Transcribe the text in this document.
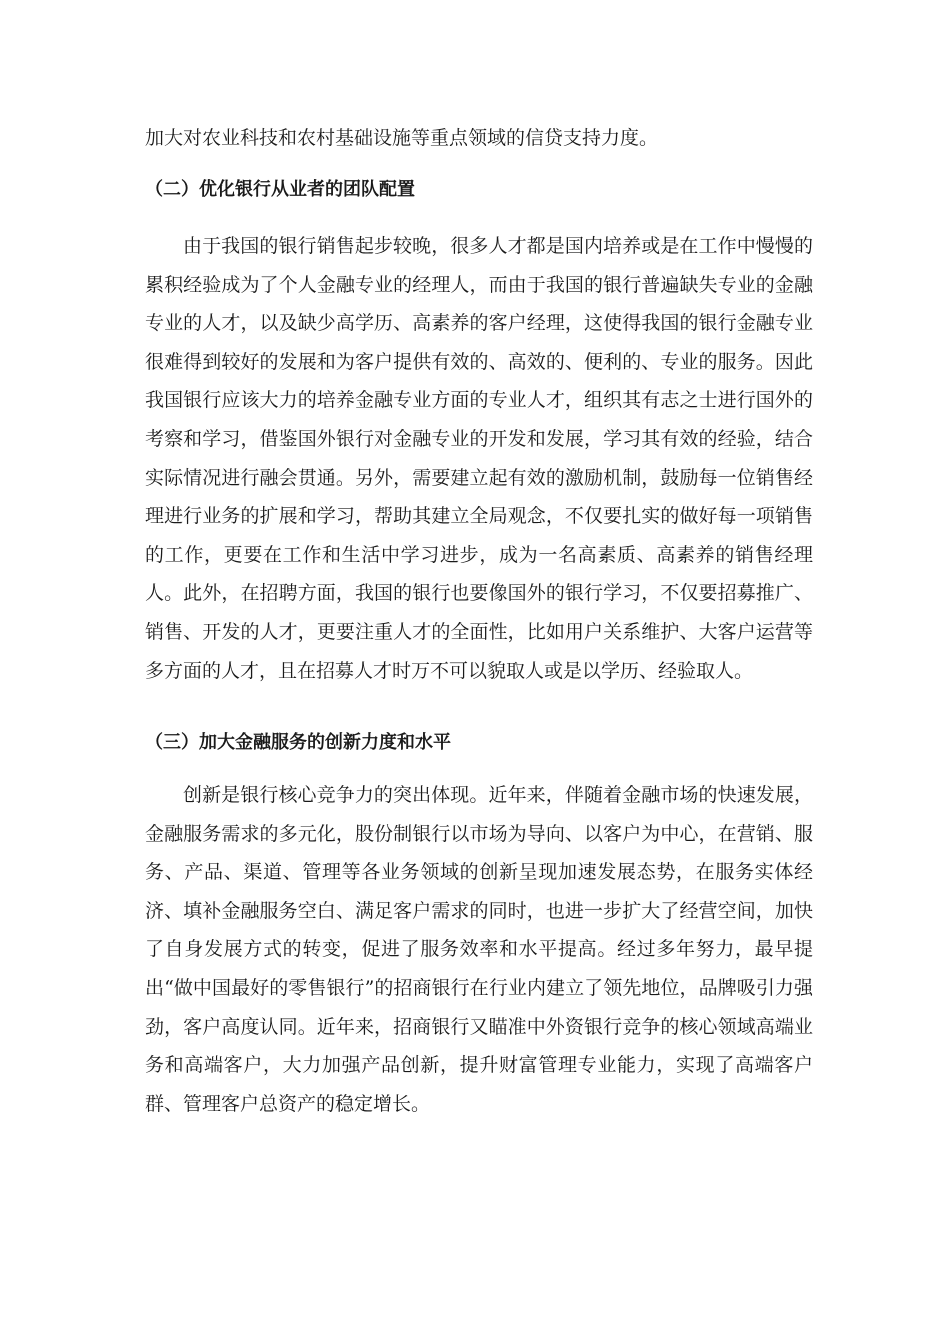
加大对农业科技和农村基础设施等重点领域的信贷支持力度。

（二）优化银行从业者的团队配置

由于我国的银行销售起步较晚，很多人才都是国内培养或是在工作中慢慢的累积经验成为了个人金融专业的经理人，而由于我国的银行普遍缺失专业的金融专业的人才，以及缺少高学历、高素养的客户经理，这使得我国的银行金融专业很难得到较好的发展和为客户提供有效的、高效的、便利的、专业的服务。因此我国银行应该大力的培养金融专业方面的专业人才，组织其有志之士进行国外的考察和学习，借鉴国外银行对金融专业的开发和发展，学习其有效的经验，结合实际情况进行融会贯通。另外，需要建立起有效的激励机制，鼓励每一位销售经理进行业务的扩展和学习，帮助其建立全局观念，不仅要扎实的做好每一项销售的工作，更要在工作和生活中学习进步，成为一名高素质、高素养的销售经理人。此外，在招聘方面，我国的银行也要像国外的银行学习，不仅要招募推广、销售、开发的人才，更要注重人才的全面性，比如用户关系维护、大客户运营等多方面的人才，且在招募人才时万不可以貌取人或是以学历、经验取人。

（三）加大金融服务的创新力度和水平

创新是银行核心竞争力的突出体现。近年来，伴随着金融市场的快速发展，金融服务需求的多元化，股份制银行以市场为导向、以客户为中心，在营销、服务、产品、渠道、管理等各业务领域的创新呈现加速发展态势，在服务实体经济、填补金融服务空白、满足客户需求的同时，也进一步扩大了经营空间，加快了自身发展方式的转变，促进了服务效率和水平提高。经过多年努力，最早提出“做中国最好的零售银行”的招商银行在行业内建立了领先地位，品牌吸引力强劲，客户高度认同。近年来，招商银行又瞄准中外资银行竞争的核心领域高端业务和高端客户，大力加强产品创新，提升财富管理专业能力，实现了高端客户群、管理客户总资产的稳定增长。
